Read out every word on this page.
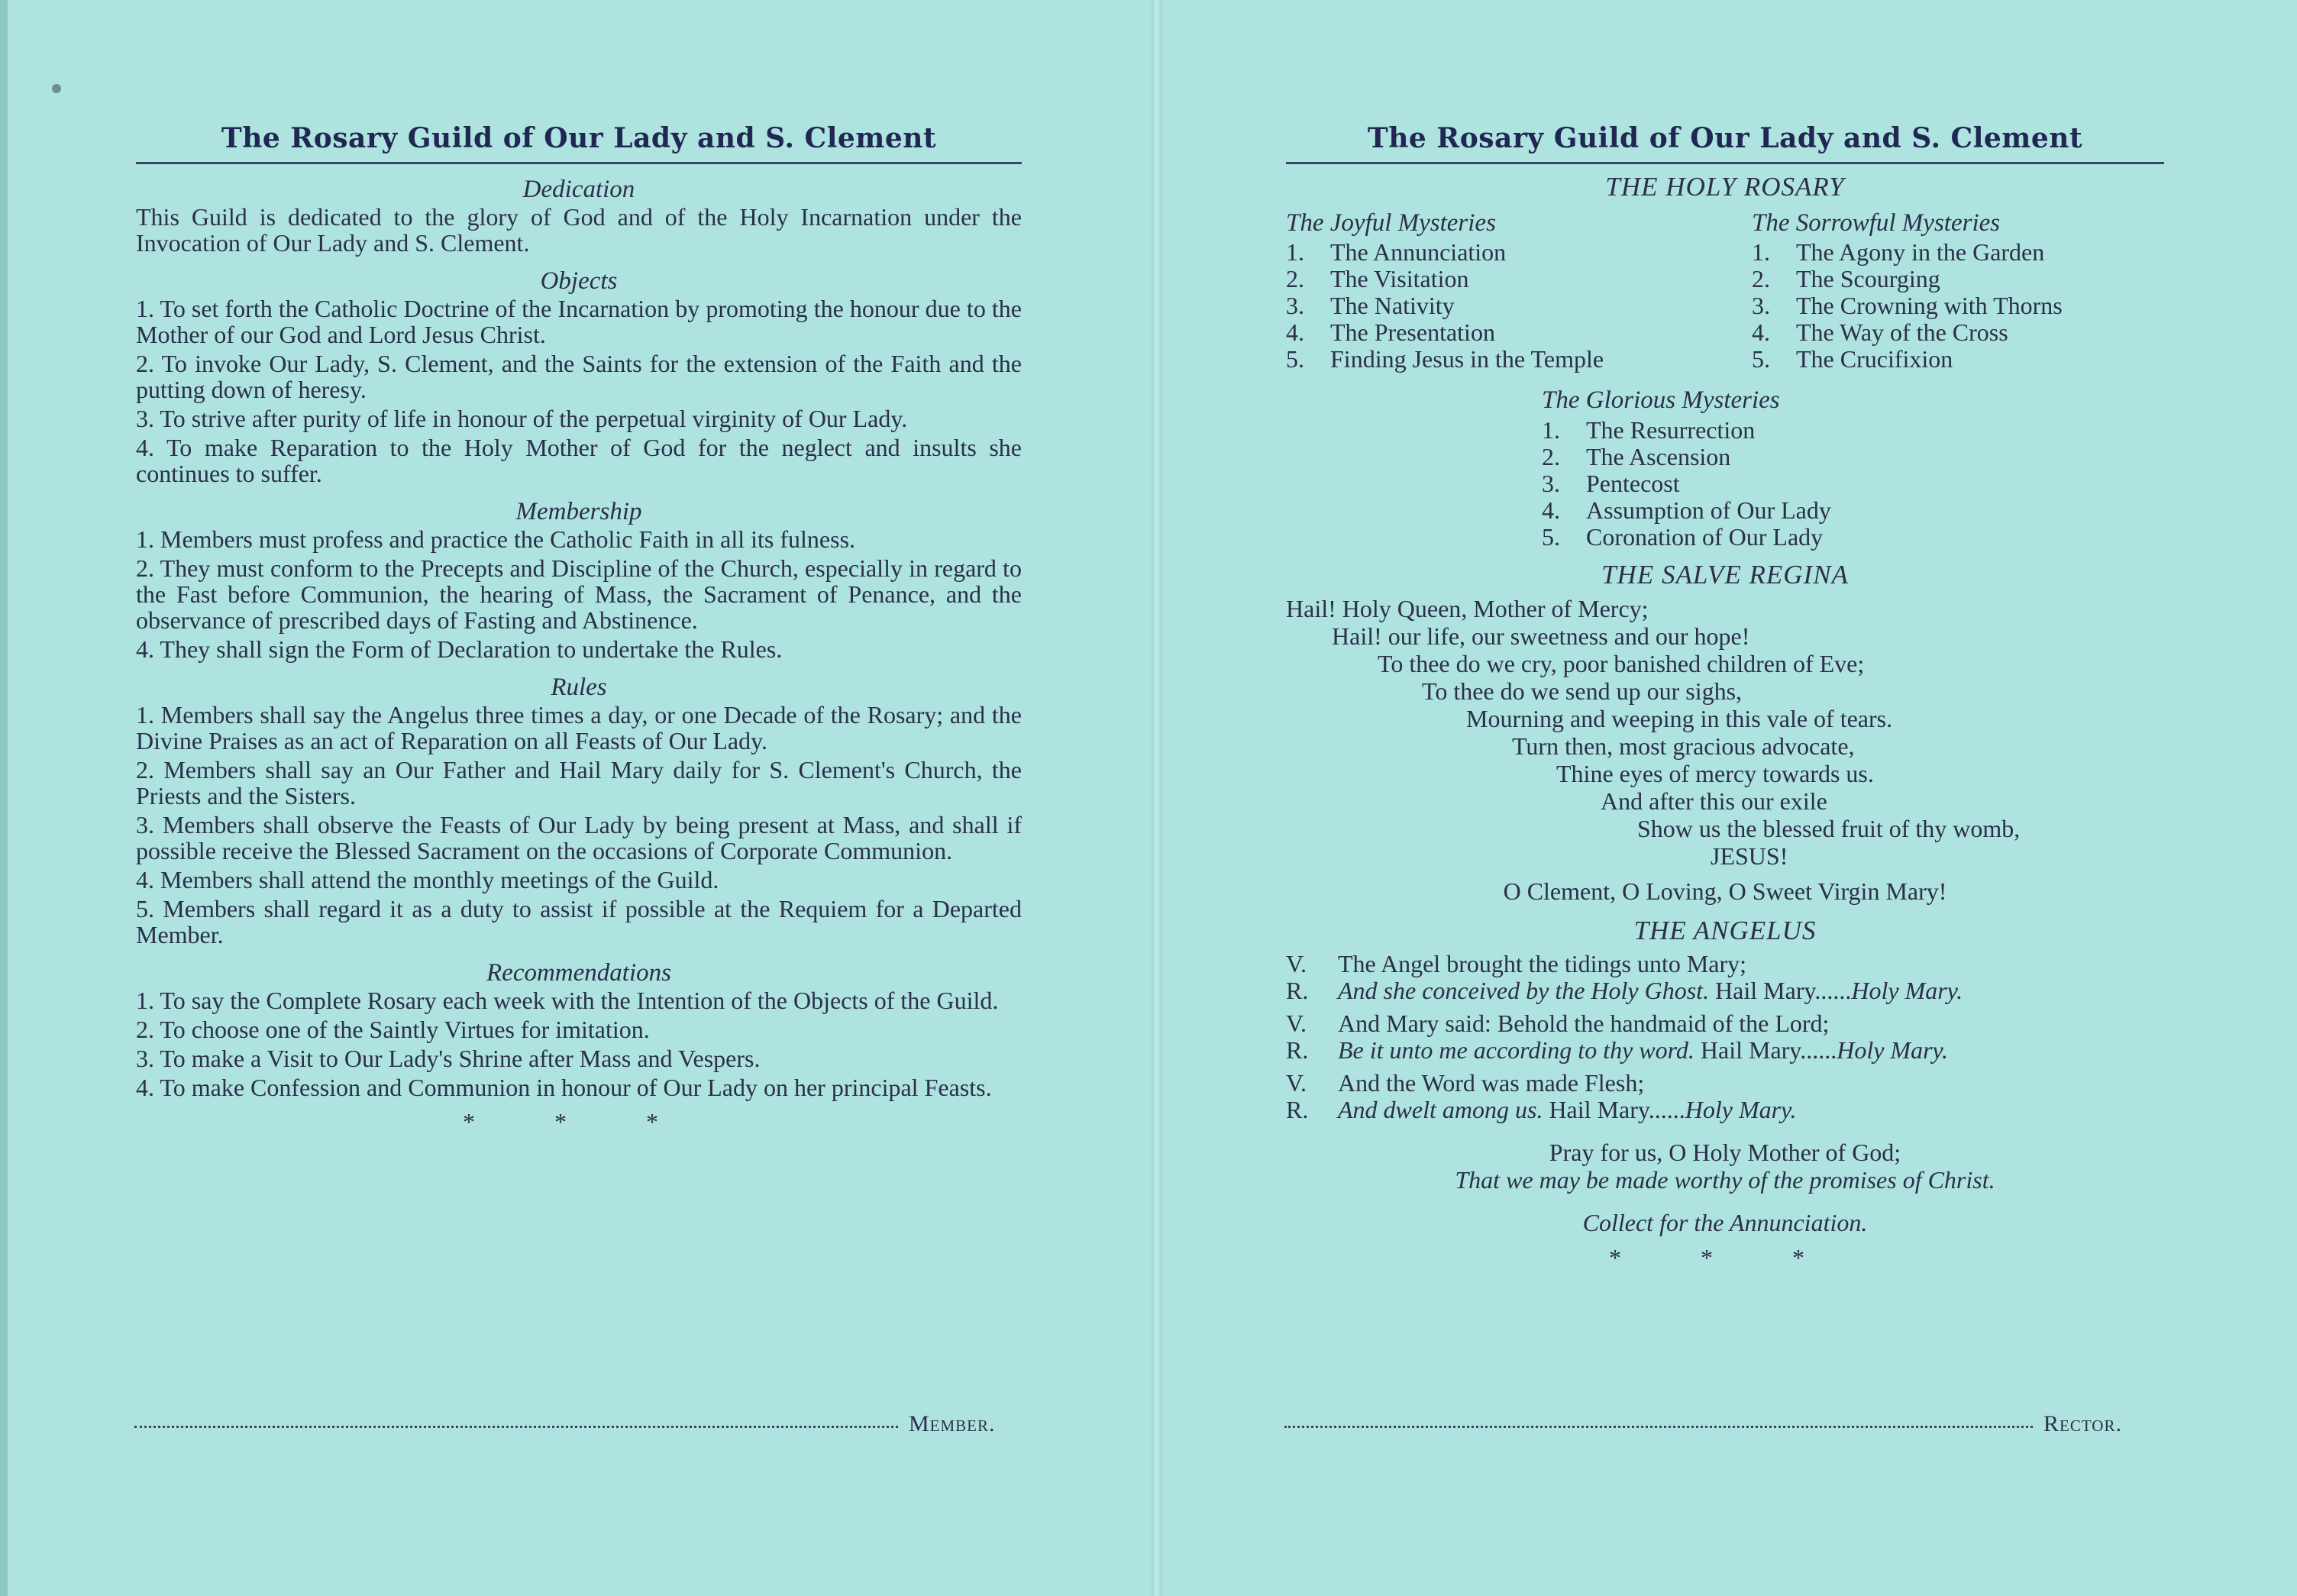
The Rosary Guild of Our Lady and S. Clement
Dedication

This Guild is dedicated to the glory of God and of the Holy Incarnation under the Invocation of Our Lady and S. Clement.

Objects

1. To set forth the Catholic Doctrine of the Incarnation by promoting the honour due to the Mother of our God and Lord Jesus Christ.

2. To invoke Our Lady, S. Clement, and the Saints for the extension of the Faith and the putting down of heresy.

3. To strive after purity of life in honour of the perpetual virginity of Our Lady.

4. To make Reparation to the Holy Mother of God for the neglect and insults she continues to suffer.

Membership

1. Members must profess and practice the Catholic Faith in all its fulness.

2. They must conform to the Precepts and Discipline of the Church, especially in regard to the Fast before Communion, the hearing of Mass, the Sacrament of Penance, and the observance of prescribed days of Fasting and Abstinence.

4. They shall sign the Form of Declaration to undertake the Rules.

Rules

1. Members shall say the Angelus three times a day, or one Decade of the Rosary; and the Divine Praises as an act of Reparation on all Feasts of Our Lady.

2. Members shall say an Our Father and Hail Mary daily for S. Clement's Church, the Priests and the Sisters.

3. Members shall observe the Feasts of Our Lady by being present at Mass, and shall if possible receive the Blessed Sacrament on the occasions of Corporate Communion.

4. Members shall attend the monthly meetings of the Guild.

5. Members shall regard it as a duty to assist if possible at the Requiem for a Departed Member.

Recommendations

1. To say the Complete Rosary each week with the Intention of the Objects of the Guild.

2. To choose one of the Saintly Virtues for imitation.

3. To make a Visit to Our Lady's Shrine after Mass and Vespers.

4. To make Confession and Communion in honour of Our Lady on her principal Feasts.

* * *
Member.
The Rosary Guild of Our Lady and S. Clement
THE HOLY ROSARY
The Joyful Mysteries
1.	The Annunciation
2.	The Visitation
3.	The Nativity
4.	The Presentation
5.	Finding Jesus in the Temple
The Sorrowful Mysteries
1.	The Agony in the Garden
2.	The Scourging
3.	The Crowning with Thorns
4.	The Way of the Cross
5.	The Crucifixion
The Glorious Mysteries
1.	The Resurrection
2.	The Ascension
3.	Pentecost
4.	Assumption of Our Lady
5.	Coronation of Our Lady
THE SALVE REGINA
Hail! Holy Queen, Mother of Mercy;
Hail! our life, our sweetness and our hope!
To thee do we cry, poor banished children of Eve;
To thee do we send up our sighs,
Mourning and weeping in this vale of tears.
Turn then, most gracious advocate,
Thine eyes of mercy towards us.
And after this our exile
Show us the blessed fruit of thy womb,
JESUS!
O Clement, O Loving, O Sweet Virgin Mary!
THE ANGELUS
V.	The Angel brought the tidings unto Mary;
R.	And she conceived by the Holy Ghost. Hail Mary......Holy Mary.
V.	And Mary said: Behold the handmaid of the Lord;
R.	Be it unto me according to thy word. Hail Mary......Holy Mary.
V.	And the Word was made Flesh;
R.	And dwelt among us. Hail Mary......Holy Mary.
Pray for us, O Holy Mother of God;
That we may be made worthy of the promises of Christ.
Collect for the Annunciation.
* * *
Rector.
